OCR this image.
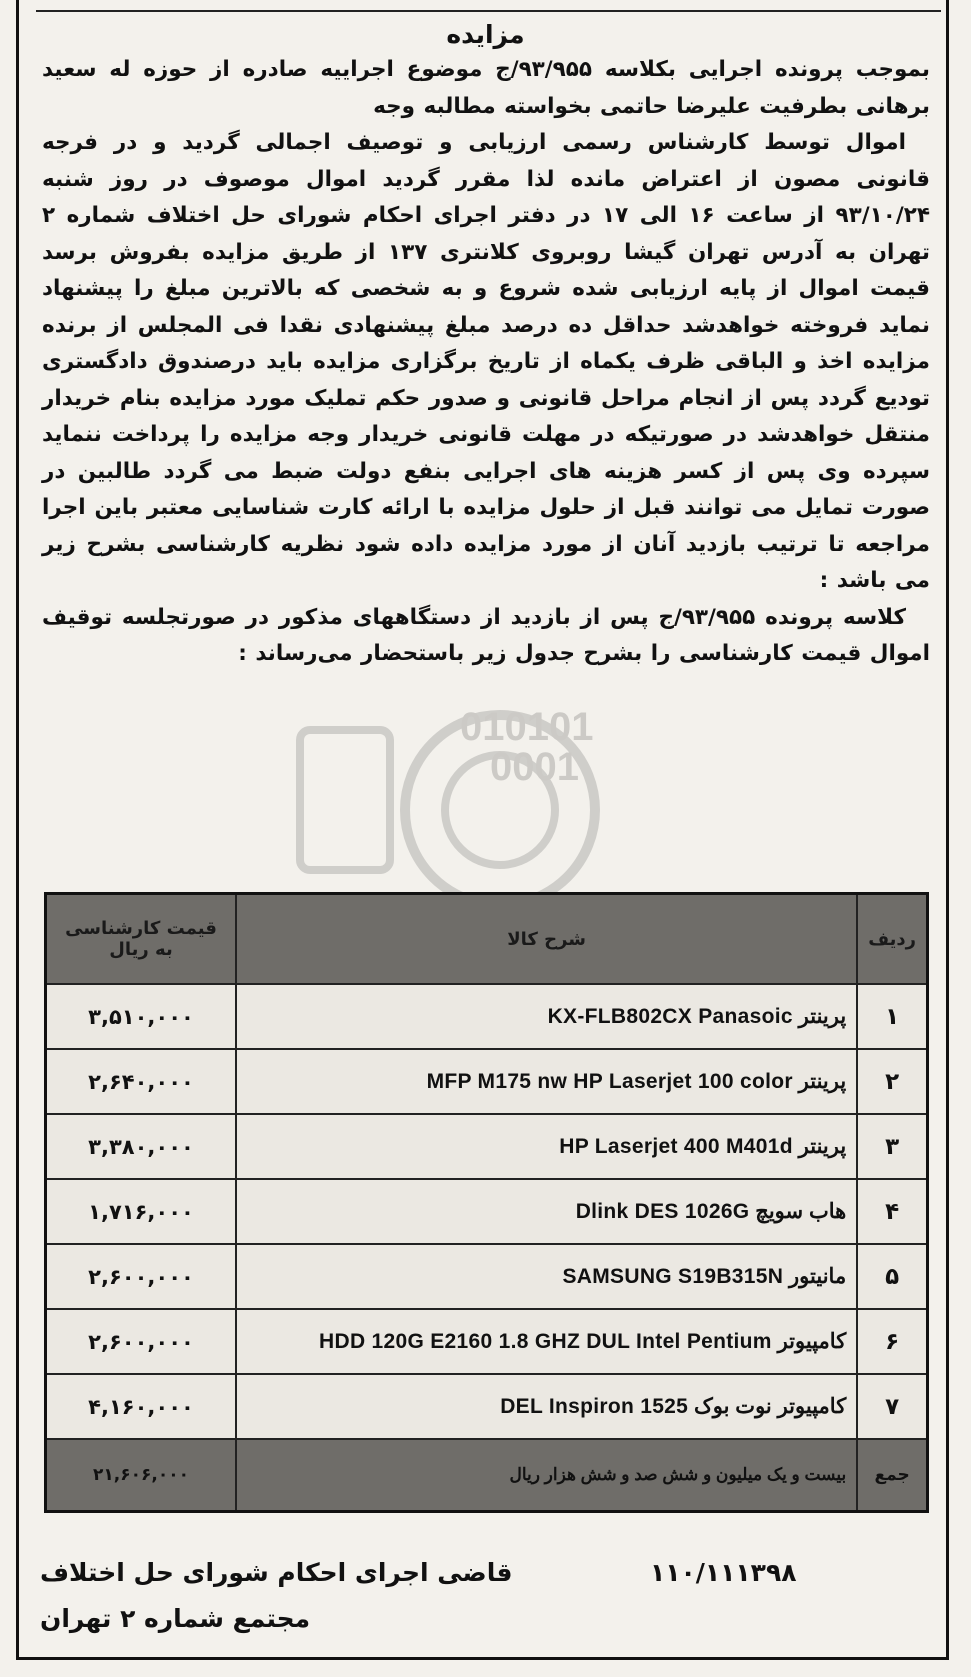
مزایده

بموجب پرونده اجرایی بکلاسه ۹۳/۹۵۵/ج موضوع اجراییه صادره از حوزه له سعید برهانی بطرفیت علیرضا حاتمی بخواسته مطالبه وجه

اموال توسط کارشناس رسمی ارزیابی و توصیف اجمالی گردید و در فرجه قانونی مصون از اعتراض مانده لذا مقرر گردید اموال موصوف در روز شنبه ۹۳/۱۰/۲۴ از ساعت ۱۶ الی ۱۷ در دفتر اجرای احکام شورای حل اختلاف شماره ۲ تهران به آدرس تهران گیشا روبروی کلانتری ۱۳۷ از طریق مزایده بفروش برسد قیمت اموال از پایه ارزیابی شده شروع و به شخصی که بالاترین مبلغ را پیشنهاد نماید فروخته خواهدشد حداقل ده درصد مبلغ پیشنهادی نقدا فی المجلس از برنده مزایده اخذ و الباقی ظرف یکماه از تاریخ برگزاری مزایده باید درصندوق دادگستری تودیع گردد پس از انجام مراحل قانونی و صدور حکم تملیک مورد مزایده بنام خریدار منتقل خواهدشد در صورتیکه در مهلت قانونی خریدار وجه مزایده را پرداخت ننماید سپرده وی پس از کسر هزینه های اجرایی بنفع دولت ضبط می گردد طالبین در صورت تمایل می توانند قبل از حلول مزایده با ارائه کارت شناسایی معتبر باین اجرا مراجعه تا ترتیب بازدید آنان از مورد مزایده داده شود نظریه کارشناسی بشرح زیر می باشد :

کلاسه پرونده ۹۳/۹۵۵/ج پس از بازدید از دستگاههای مذکور در صورتجلسه توقیف اموال قیمت کارشناسی را بشرح جدول زیر باستحضار می‌رساند :

010101
0001
ردیف	شرح کالا	قیمت کارشناسی به ریال
۱	پرینتر KX-FLB802CX Panasoic	۳,۵۱۰,۰۰۰
۲	پرینتر MFP M175 nw HP Laserjet 100 color	۲,۶۴۰,۰۰۰
۳	پرینتر HP Laserjet 400 M401d	۳,۳۸۰,۰۰۰
۴	هاب سویچ Dlink DES 1026G	۱,۷۱۶,۰۰۰
۵	مانیتور SAMSUNG S19B315N	۲,۶۰۰,۰۰۰
۶	کامپیوتر HDD 120G E2160 1.8 GHZ DUL Intel Pentium	۲,۶۰۰,۰۰۰
۷	کامپیوتر نوت بوک DEL Inspiron 1525	۴,۱۶۰,۰۰۰
جمع	بیست و یک میلیون و شش صد و شش هزار ریال	۲۱,۶۰۶,۰۰۰
۱۱۰/۱۱۱۳۹۸
قاضی اجرای احکام شورای حل اختلاف
مجتمع شماره ۲ تهران
